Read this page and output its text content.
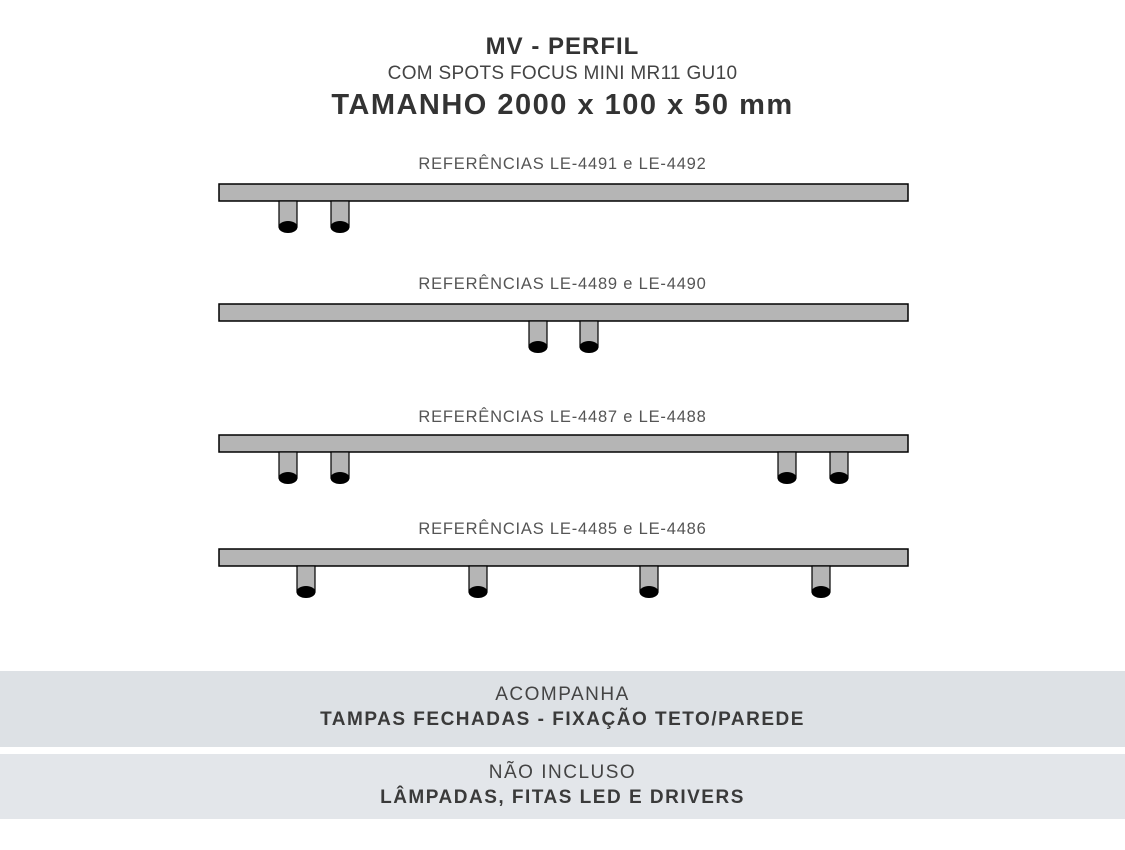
MV - PERFIL
COM SPOTS FOCUS MINI MR11 GU10
TAMANHO 2000 x 100 x 50 mm
REFERÊNCIAS LE-4491 e LE-4492
REFERÊNCIAS LE-4489 e LE-4490
REFERÊNCIAS LE-4487 e LE-4488
REFERÊNCIAS LE-4485 e LE-4486
ACOMPANHA
TAMPAS FECHADAS - FIXAÇÃO TETO/PAREDE
NÃO INCLUSO
LÂMPADAS, FITAS LED E DRIVERS
